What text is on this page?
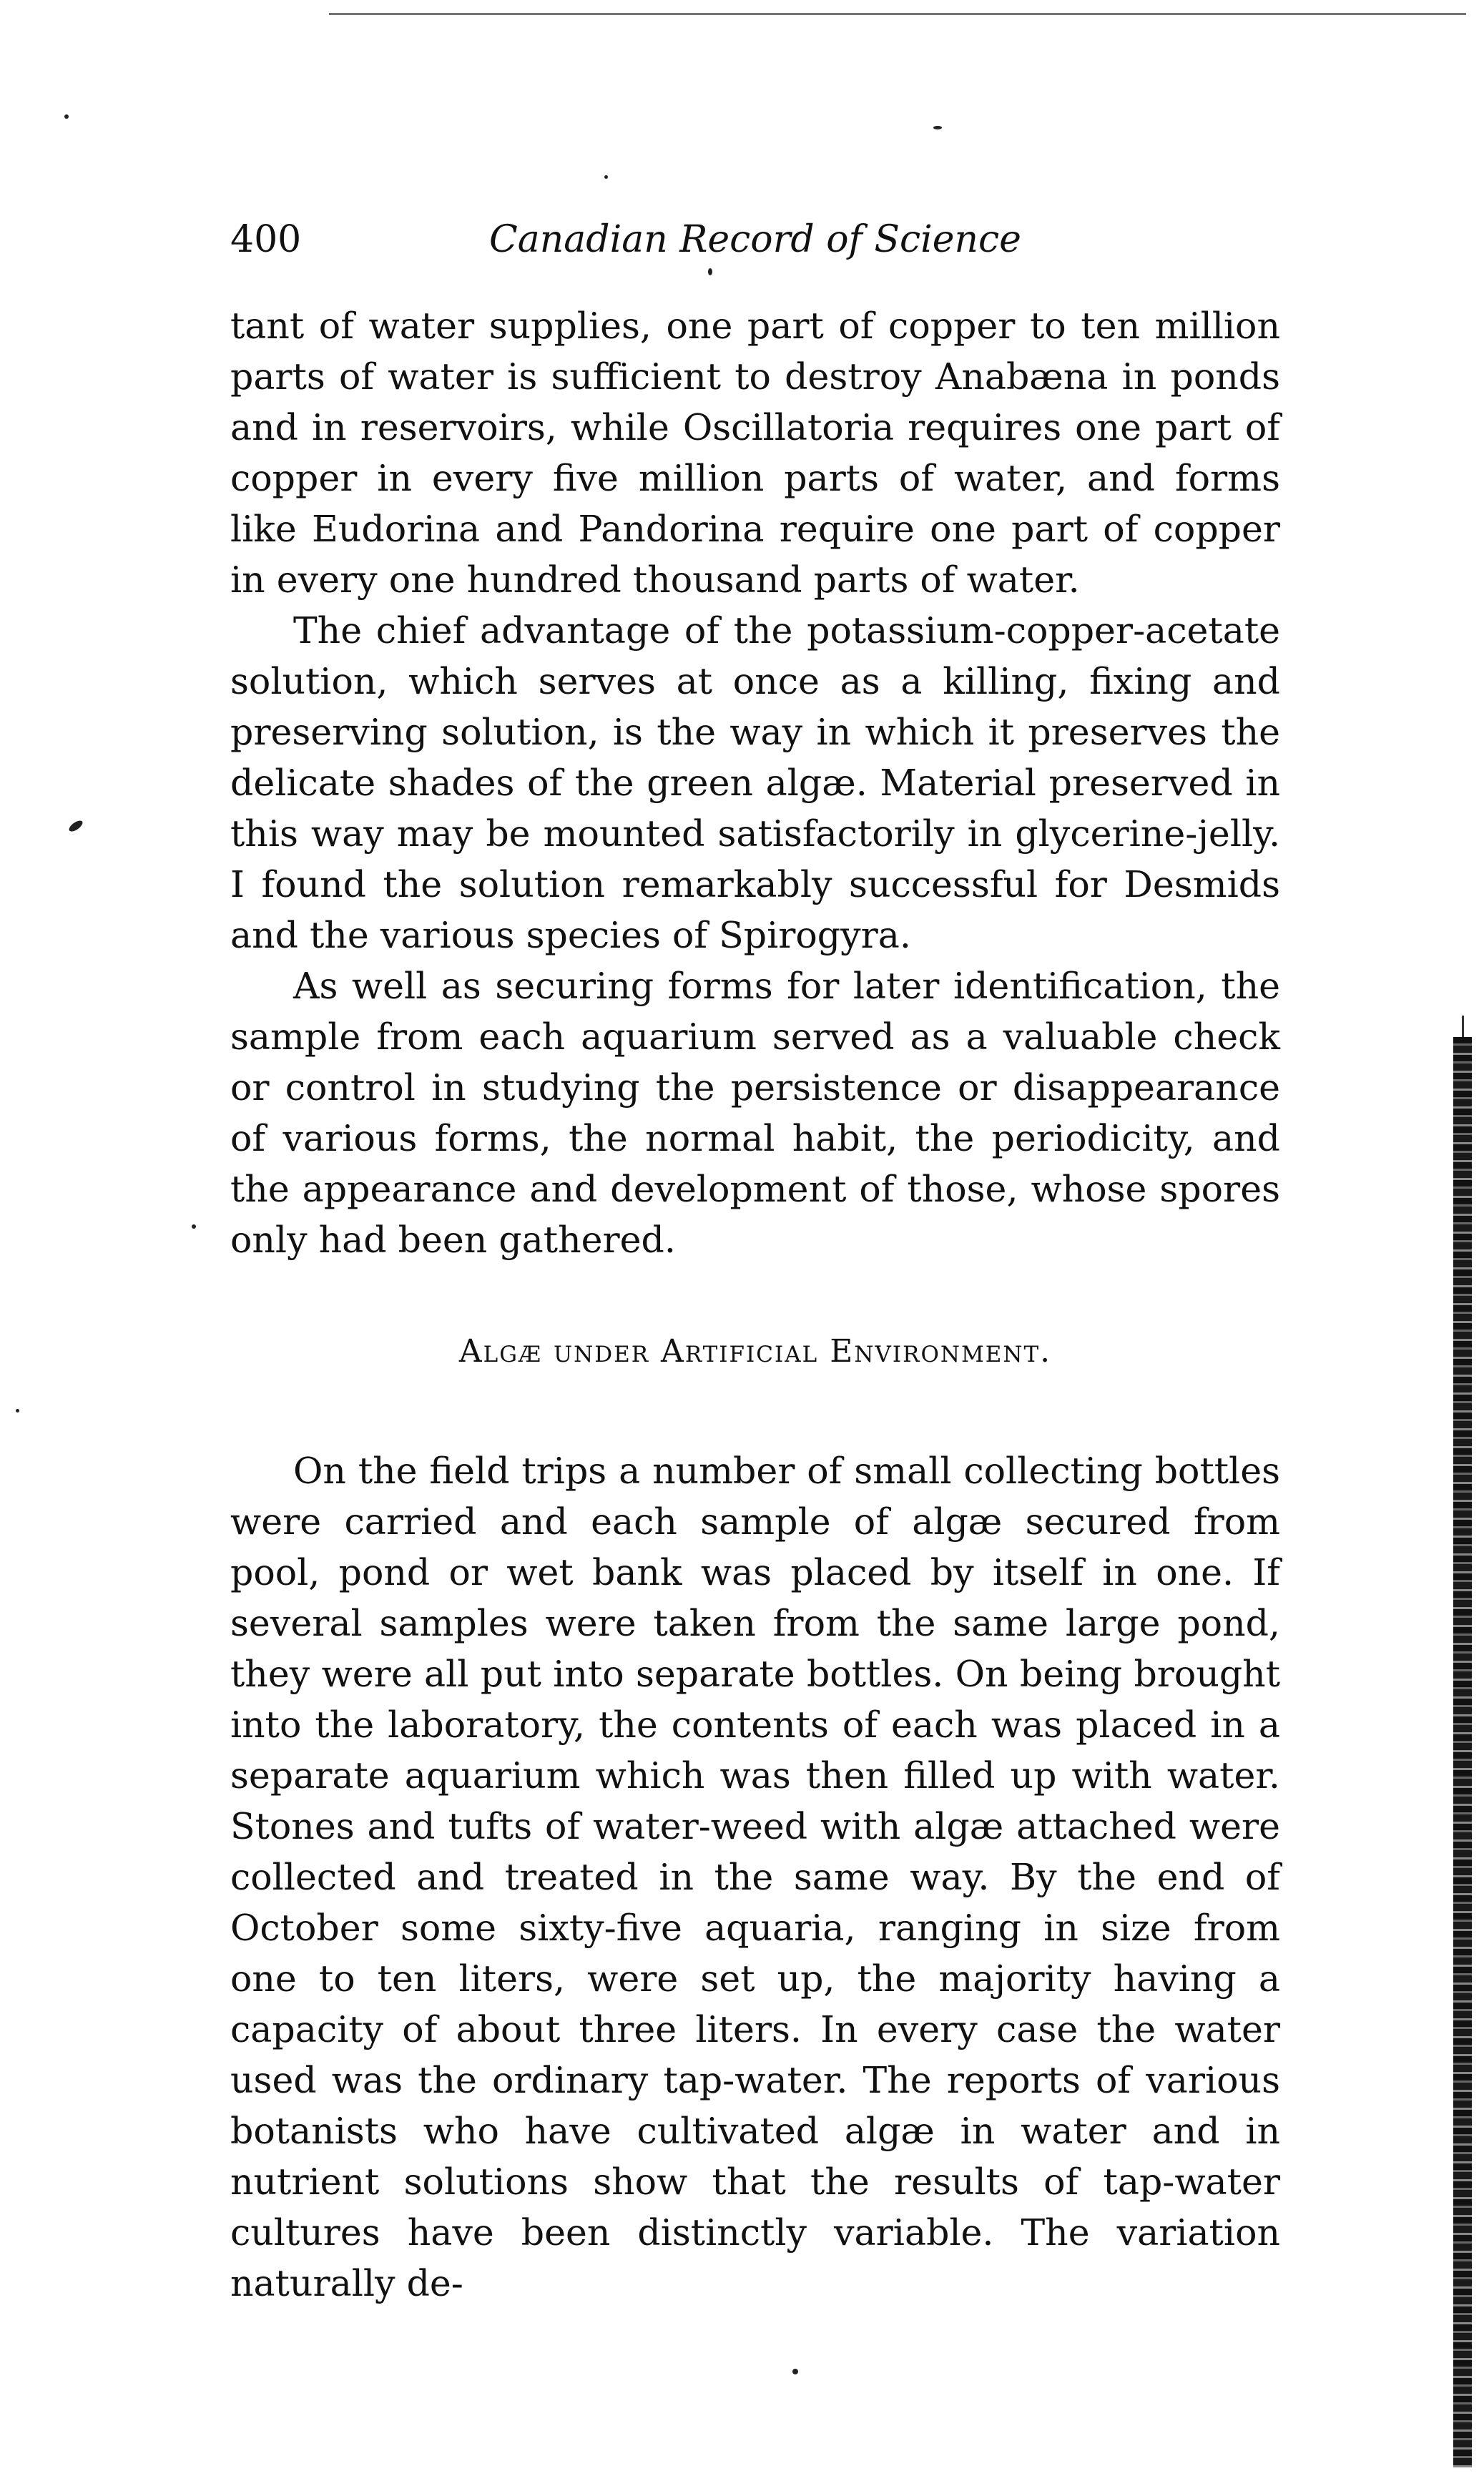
400	Canadian Record of Science

tant of water supplies, one part of copper to ten million parts of water is sufficient to destroy Anabæna in ponds and in reservoirs, while Oscillatoria requires one part of copper in every five million parts of water, and forms like Eudorina and Pandorina require one part of copper in every one hundred thousand parts of water.

The chief advantage of the potassium-copper-acetate solution, which serves at once as a killing, fixing and preserving solution, is the way in which it preserves the delicate shades of the green algæ. Material preserved in this way may be mounted satisfactorily in glycerine-jelly. I found the solution remarkably successful for Desmids and the various species of Spirogyra.

As well as securing forms for later identification, the sample from each aquarium served as a valuable check or control in studying the persistence or disappearance of various forms, the normal habit, the periodicity, and the appearance and development of those, whose spores only had been gathered.

Algæ under Artificial Environment.

On the field trips a number of small collecting bottles were carried and each sample of algæ secured from pool, pond or wet bank was placed by itself in one. If several samples were taken from the same large pond, they were all put into separate bottles. On being brought into the laboratory, the contents of each was placed in a separate aquarium which was then filled up with water. Stones and tufts of water-weed with algæ attached were collected and treated in the same way. By the end of October some sixty-five aquaria, ranging in size from one to ten liters, were set up, the majority having a capacity of about three liters. In every case the water used was the ordinary tap-water. The reports of various botanists who have cultivated algæ in water and in nutrient solutions show that the results of tap-water cultures have been distinctly variable. The variation naturally de-
